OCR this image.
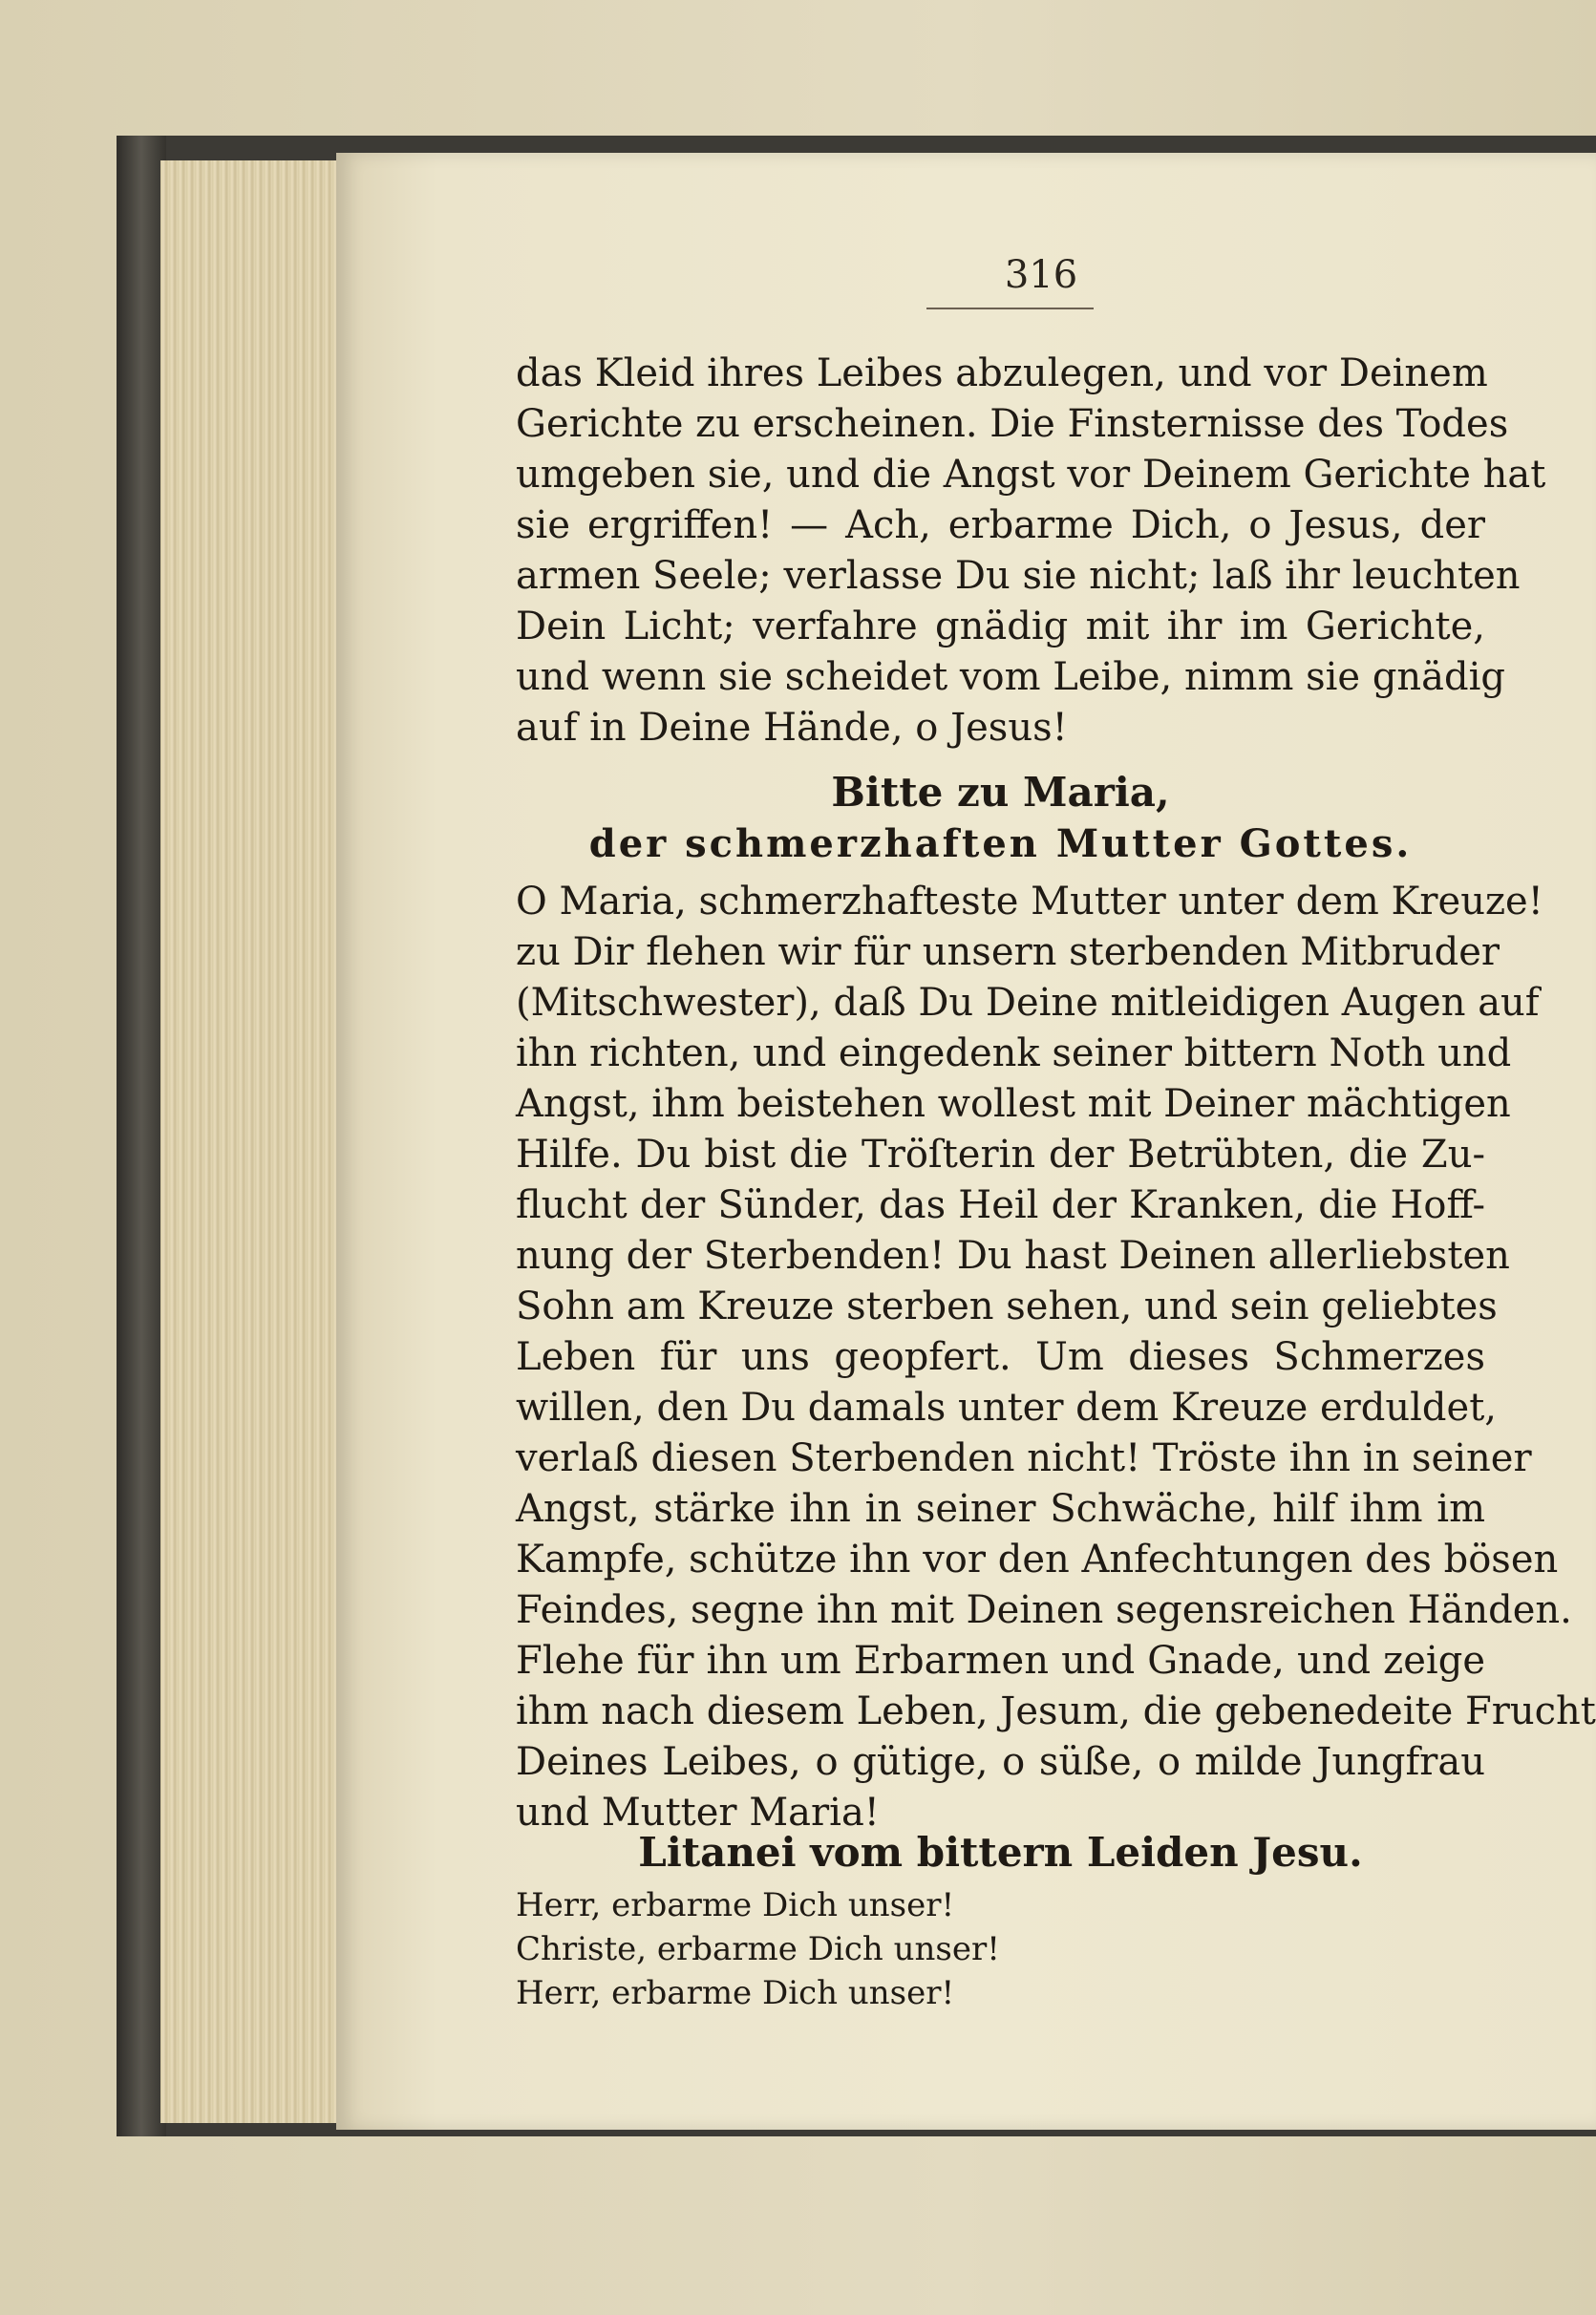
316
das Kleid ihres Leibes abzulegen, und vor Deinem
Gerichte zu erscheinen. Die Finsternisse des Todes
umgeben sie, und die Angst vor Deinem Gerichte hat
sie ergriffen! — Ach, erbarme Dich, o Jesus, der
armen Seele; verlasse Du sie nicht; laß ihr leuchten
Dein Licht; verfahre gnädig mit ihr im Gerichte,
und wenn sie scheidet vom Leibe, nimm sie gnädig
auf in Deine Hände, o Jesus!
Bitte zu Maria,
der schmerzhaften Mutter Gottes.
O Maria, schmerzhafteste Mutter unter dem Kreuze!
zu Dir flehen wir für unsern sterbenden Mitbruder
(Mitschwester), daß Du Deine mitleidigen Augen auf
ihn richten, und eingedenk seiner bittern Noth und
Angst, ihm beistehen wollest mit Deiner mächtigen
Hilfe. Du bist die Tröſterin der Betrübten, die Zu-
flucht der Sünder, das Heil der Kranken, die Hoff-
nung der Sterbenden! Du hast Deinen allerliebsten
Sohn am Kreuze sterben sehen, und sein geliebtes
Leben für uns geopfert. Um dieses Schmerzes
willen, den Du damals unter dem Kreuze erduldet,
verlaß diesen Sterbenden nicht! Tröste ihn in seiner
Angst, stärke ihn in seiner Schwäche, hilf ihm im
Kampfe, schütze ihn vor den Anfechtungen des bösen
Feindes, segne ihn mit Deinen segensreichen Händen.
Flehe für ihn um Erbarmen und Gnade, und zeige
ihm nach diesem Leben, Jesum, die gebenedeite Frucht
Deines Leibes, o gütige, o süße, o milde Jungfrau
und Mutter Maria!
Litanei vom bittern Leiden Jesu.
Herr, erbarme Dich unser!
Christe, erbarme Dich unser!
Herr, erbarme Dich unser!
